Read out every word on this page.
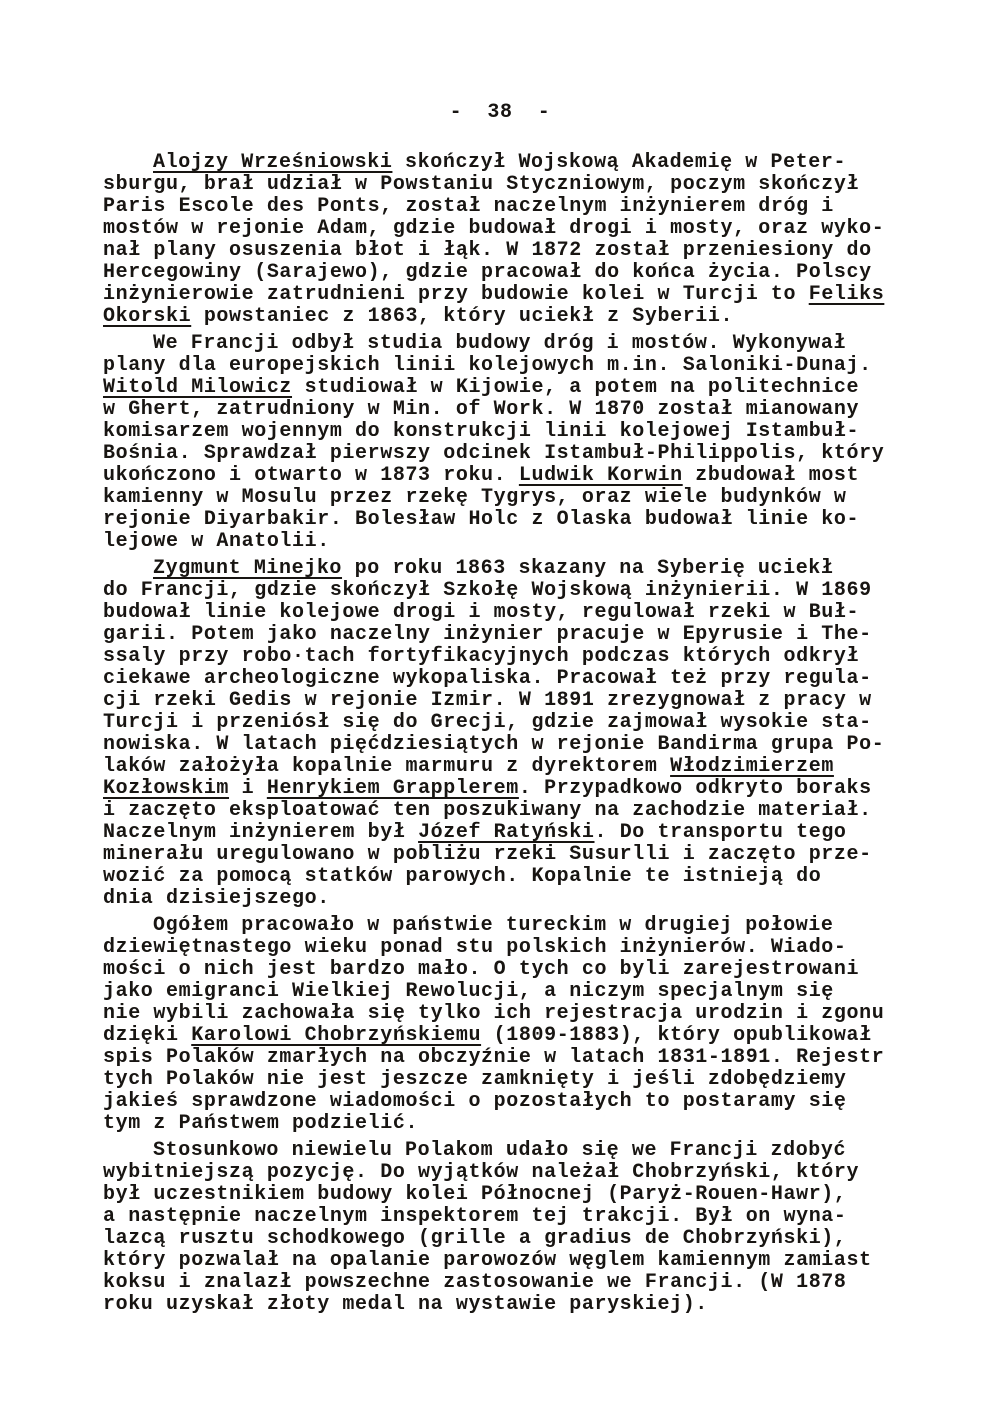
-  38  -
Alojzy Wrześniowski skończył Wojskową Akademię w Peter-
sburgu, brał udział w Powstaniu Styczniowym, poczym skończył
Paris Escole des Ponts, został naczelnym inżynierem dróg i
mostów w rejonie Adam, gdzie budował drogi i mosty, oraz wyko-
nał plany osuszenia błot i łąk. W 1872 został przeniesiony do
Hercegowiny (Sarajewo), gdzie pracował do końca życia. Polscy
inżynierowie zatrudnieni przy budowie kolei w Turcji to Feliks
Okorski powstaniec z 1863, który uciekł z Syberii.
We Francji odbył studia budowy dróg i mostów. Wykonywał
plany dla europejskich linii kolejowych m.in. Saloniki-Dunaj.
Witold Milowicz studiował w Kijowie, a potem na politechnice
w Ghert, zatrudniony w Min. of Work. W 1870 został mianowany
komisarzem wojennym do konstrukcji linii kolejowej Istambuł-
Bośnia. Sprawdzał pierwszy odcinek Istambuł-Philippolis, który
ukończono i otwarto w 1873 roku. Ludwik Korwin zbudował most
kamienny w Mosulu przez rzekę Tygrys, oraz wiele budynków w
rejonie Diyarbakir. Bolesław Holc z Olaska budował linie ko-
lejowe w Anatolii.
Zygmunt Minejko po roku 1863 skazany na Syberię uciekł
do Francji, gdzie skończył Szkołę Wojskową inżynierii. W 1869
budował linie kolejowe drogi i mosty, regulował rzeki w Buł-
garii. Potem jako naczelny inżynier pracuje w Epyrusie i The-
ssaly przy robo·tach fortyfikacyjnych podczas których odkrył
ciekawe archeologiczne wykopaliska. Pracował też przy regula-
cji rzeki Gedis w rejonie Izmir. W 1891 zrezygnował z pracy w
Turcji i przeniósł się do Grecji, gdzie zajmował wysokie sta-
nowiska. W latach pięćdziesiątych w rejonie Bandirma grupa Po-
laków założyła kopalnie marmuru z dyrektorem Włodzimierzem
Kozłowskim i Henrykiem Grapplerem. Przypadkowo odkryto boraks
i zaczęto eksploatować ten poszukiwany na zachodzie materiał.
Naczelnym inżynierem był Józef Ratyński. Do transportu tego
minerału uregulowano w pobliżu rzeki Susurlli i zaczęto prze-
wozić za pomocą statków parowych. Kopalnie te istnieją do
dnia dzisiejszego.
Ogółem pracowało w państwie tureckim w drugiej połowie
dziewiętnastego wieku ponad stu polskich inżynierów. Wiado-
mości o nich jest bardzo mało. O tych co byli zarejestrowani
jako emigranci Wielkiej Rewolucji, a niczym specjalnym się
nie wybili zachowała się tylko ich rejestracja urodzin i zgonu
dzięki Karolowi Chobrzyńskiemu (1809-1883), który opublikował
spis Polaków zmarłych na obczyźnie w latach 1831-1891. Rejestr
tych Polaków nie jest jeszcze zamknięty i jeśli zdobędziemy
jakieś sprawdzone wiadomości o pozostałych to postaramy się
tym z Państwem podzielić.
Stosunkowo niewielu Polakom udało się we Francji zdobyć
wybitniejszą pozycję. Do wyjątków należał Chobrzyński, który
był uczestnikiem budowy kolei Północnej (Paryż-Rouen-Hawr),
a następnie naczelnym inspektorem tej trakcji. Był on wyna-
lazcą rusztu schodkowego (grille a gradius de Chobrzyński),
który pozwalał na opalanie parowozów węglem kamiennym zamiast
koksu i znalazł powszechne zastosowanie we Francji. (W 1878
roku uzyskał złoty medal na wystawie paryskiej).
